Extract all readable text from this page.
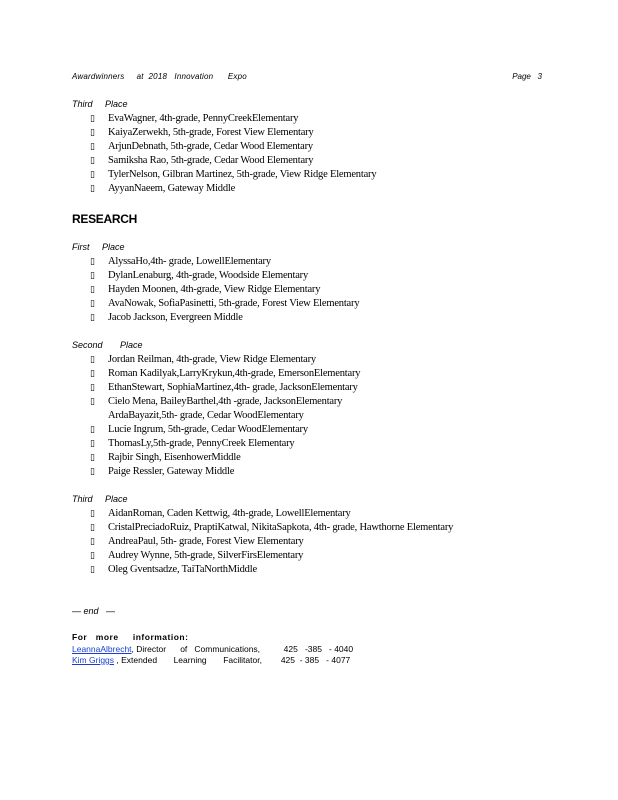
Awardwinners     at  2018   Innovation      Expo	Page   3
Third     Place
▯ EvaWagner, 4th-grade, PennyCreekElementary
▯ KaiyaZerwekh, 5th-grade, Forest View Elementary
▯ ArjunDebnath, 5th-grade, Cedar Wood Elementary
▯ Samiksha Rao, 5th-grade, Cedar Wood Elementary
▯ TylerNelson, Gilbran Martinez, 5th-grade, View Ridge Elementary
▯ AyyanNaeem, Gateway Middle
RESEARCH
First     Place
▯ AlyssaHo,4th- grade, LowellElementary
▯ DylanLenaburg, 4th-grade, Woodside Elementary
▯ Hayden Moonen, 4th-grade, View Ridge Elementary
▯ AvaNowak, SofiaPasinetti, 5th-grade, Forest View Elementary
▯ Jacob Jackson, Evergreen Middle
Second       Place
▯ Jordan Reilman, 4th-grade, View Ridge Elementary
▯ Roman Kadilyak,LarryKrykun,4th-grade, EmersonElementary
▯ EthanStewart, SophiaMartinez,4th- grade, JacksonElementary
▯ Cielo Mena, BaileyBarthel,4th -grade, JacksonElementary
ArdaBayazit,5th- grade, Cedar WoodElementary
▯ Lucie Ingrum, 5th-grade, Cedar WoodElementary
▯ ThomasLy,5th-grade, PennyCreek Elementary
▯ Rajbir Singh, EisenhowerMiddle
▯ Paige Ressler, Gateway Middle
Third     Place
▯ AidanRoman, Caden Kettwig, 4th-grade, LowellElementary
▯ CristalPreciadoRuiz, PraptiKatwal, NikitaSapkota, 4th- grade, Hawthorne Elementary
▯ AndreaPaul, 5th- grade, Forest View Elementary
▯ Audrey Wynne, 5th-grade, SilverFirsElementary
▯ Oleg Gventsadze, TaiTaNorthMiddle
— end   —
For   more     information:
LeannaAlbrecht, Director      of   Communications,          425   -385   - 4040
Kim Griggs , Extended       Learning       Facilitator,        425  - 385   - 4077
